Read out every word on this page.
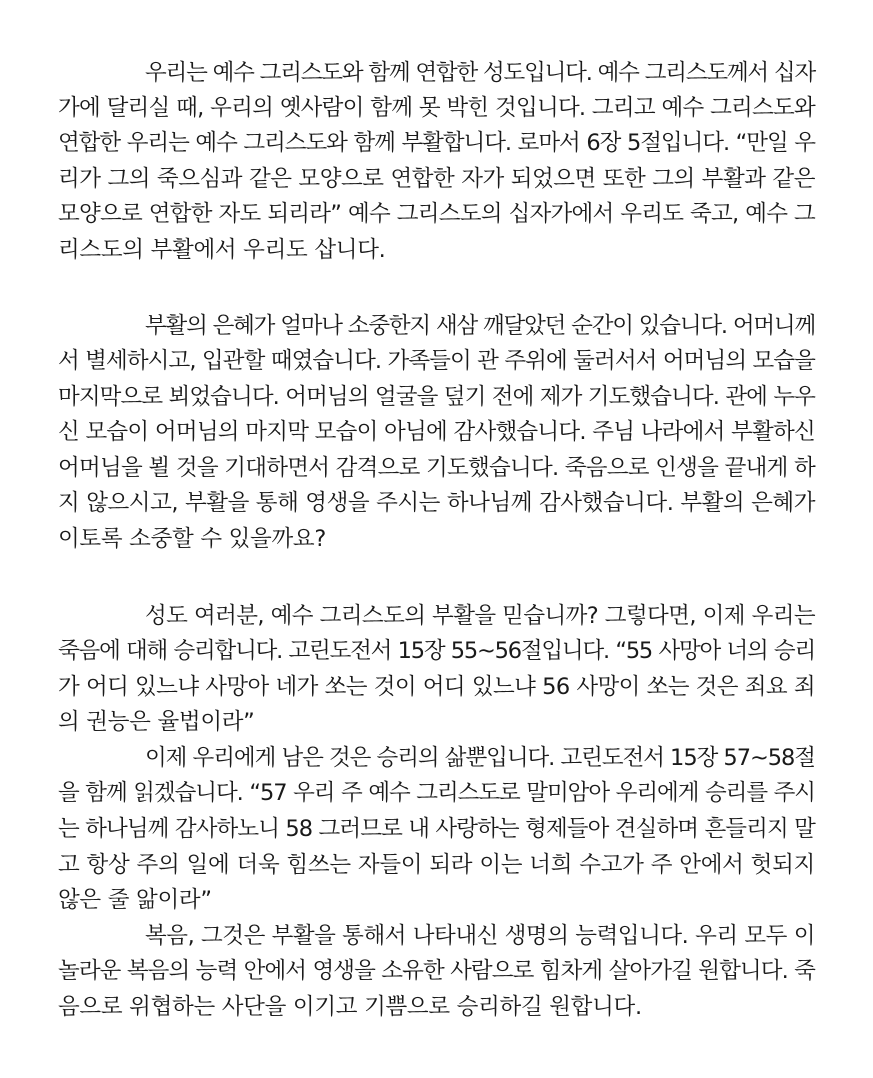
우리는 예수 그리스도와 함께 연합한 성도입니다. 예수 그리스도께서 십자
가에 달리실 때, 우리의 옛사람이 함께 못 박힌 것입니다. 그리고 예수 그리스도와
연합한 우리는 예수 그리스도와 함께 부활합니다. 로마서 6장 5절입니다. “만일 우
리가 그의 죽으심과 같은 모양으로 연합한 자가 되었으면 또한 그의 부활과 같은
모양으로 연합한 자도 되리라” 예수 그리스도의 십자가에서 우리도 죽고, 예수 그
리스도의 부활에서 우리도 삽니다.
부활의 은혜가 얼마나 소중한지 새삼 깨달았던 순간이 있습니다. 어머니께
서 별세하시고, 입관할 때였습니다. 가족들이 관 주위에 둘러서서 어머님의 모습을
마지막으로 뵈었습니다. 어머님의 얼굴을 덮기 전에 제가 기도했습니다. 관에 누우
신 모습이 어머님의 마지막 모습이 아님에 감사했습니다. 주님 나라에서 부활하신
어머님을 뵐 것을 기대하면서 감격으로 기도했습니다. 죽음으로 인생을 끝내게 하
지 않으시고, 부활을 통해 영생을 주시는 하나님께 감사했습니다. 부활의 은혜가
이토록 소중할 수 있을까요?
성도 여러분, 예수 그리스도의 부활을 믿습니까? 그렇다면, 이제 우리는
죽음에 대해 승리합니다. 고린도전서 15장 55~56절입니다. “55 사망아 너의 승리
가 어디 있느냐 사망아 네가 쏘는 것이 어디 있느냐 56 사망이 쏘는 것은 죄요 죄
의 권능은 율법이라”
이제 우리에게 남은 것은 승리의 삶뿐입니다. 고린도전서 15장 57~58절
을 함께 읽겠습니다. “57 우리 주 예수 그리스도로 말미암아 우리에게 승리를 주시
는 하나님께 감사하노니 58 그러므로 내 사랑하는 형제들아 견실하며 흔들리지 말
고 항상 주의 일에 더욱 힘쓰는 자들이 되라 이는 너희 수고가 주 안에서 헛되지
않은 줄 앎이라”
복음, 그것은 부활을 통해서 나타내신 생명의 능력입니다. 우리 모두 이
놀라운 복음의 능력 안에서 영생을 소유한 사람으로 힘차게 살아가길 원합니다. 죽
음으로 위협하는 사단을 이기고 기쁨으로 승리하길 원합니다.
